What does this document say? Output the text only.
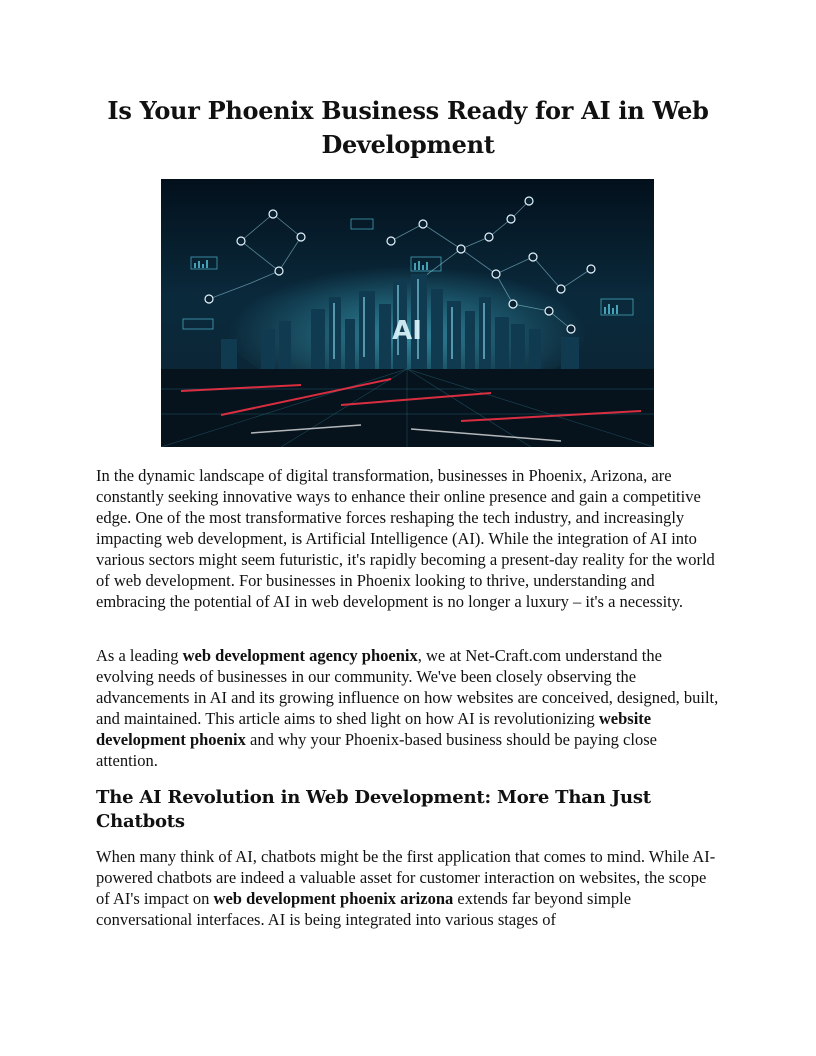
Is Your Phoenix Business Ready for AI in Web Development
AI

In the dynamic landscape of digital transformation, businesses in Phoenix, Arizona, are constantly seeking innovative ways to enhance their online presence and gain a competitive edge. One of the most transformative forces reshaping the tech industry, and increasingly impacting web development, is Artificial Intelligence (AI). While the integration of AI into various sectors might seem futuristic, it's rapidly becoming a present-day reality for the world of web development. For businesses in Phoenix looking to thrive, understanding and embracing the potential of AI in web development is no longer a luxury – it's a necessity.

As a leading web development agency phoenix, we at Net-Craft.com understand the evolving needs of businesses in our community. We've been closely observing the advancements in AI and its growing influence on how websites are conceived, designed, built, and maintained. This article aims to shed light on how AI is revolutionizing website development phoenix and why your Phoenix-based business should be paying close attention.

The AI Revolution in Web Development: More Than Just Chatbots

When many think of AI, chatbots might be the first application that comes to mind. While AI-powered chatbots are indeed a valuable asset for customer interaction on websites, the scope of AI's impact on web development phoenix arizona extends far beyond simple conversational interfaces. AI is being integrated into various stages of
